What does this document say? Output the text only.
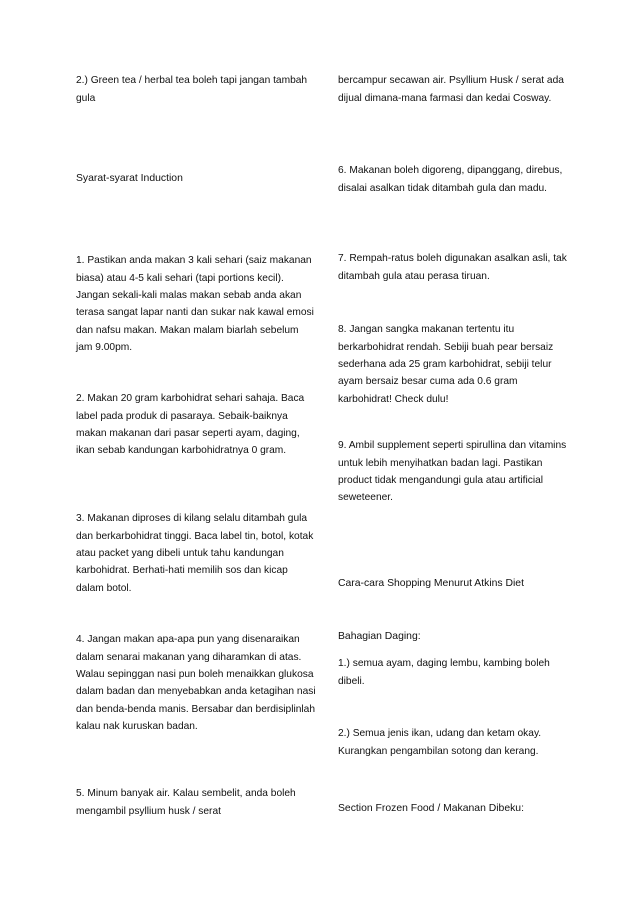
2.) Green tea / herbal tea boleh tapi jangan tambah gula

Syarat-syarat Induction

1. Pastikan anda makan 3 kali sehari (saiz makanan biasa) atau 4-5 kali sehari (tapi portions kecil). Jangan sekali-kali malas makan sebab anda akan terasa sangat lapar nanti dan sukar nak kawal emosi dan nafsu makan. Makan malam biarlah sebelum jam 9.00pm.

2. Makan 20 gram karbohidrat sehari sahaja. Baca label pada produk di pasaraya. Sebaik-baiknya makan makanan dari pasar seperti ayam, daging, ikan sebab kandungan karbohidratnya 0 gram.

3. Makanan diproses di kilang selalu ditambah gula dan berkarbohidrat tinggi. Baca label tin, botol, kotak atau packet yang dibeli untuk tahu kandungan karbohidrat. Berhati-hati memilih sos dan kicap dalam botol.

4. Jangan makan apa-apa pun yang disenaraikan dalam senarai makanan yang diharamkan di atas. Walau sepinggan nasi pun boleh menaikkan glukosa dalam badan dan menyebabkan anda ketagihan nasi dan benda-benda manis. Bersabar dan berdisiplinlah kalau nak kuruskan badan.

5. Minum banyak air. Kalau sembelit, anda boleh mengambil psyllium husk / serat

bercampur secawan air. Psyllium Husk / serat ada dijual dimana-mana farmasi dan kedai Cosway.

6. Makanan boleh digoreng, dipanggang, direbus, disalai asalkan tidak ditambah gula dan madu.

7. Rempah-ratus boleh digunakan asalkan asli, tak ditambah gula atau perasa tiruan.

8. Jangan sangka makanan tertentu itu berkarbohidrat rendah. Sebiji buah pear bersaiz sederhana ada 25 gram karbohidrat, sebiji telur ayam bersaiz besar cuma ada 0.6 gram karbohidrat! Check dulu!

9. Ambil supplement seperti spirullina dan vitamins untuk lebih menyihatkan badan lagi. Pastikan product tidak mengandungi gula atau artificial seweteener.

Cara-cara Shopping Menurut Atkins Diet

Bahagian Daging:

1.) semua ayam, daging lembu, kambing boleh dibeli.

2.) Semua jenis ikan, udang dan ketam okay. Kurangkan pengambilan sotong dan kerang.

Section Frozen Food / Makanan Dibeku:
